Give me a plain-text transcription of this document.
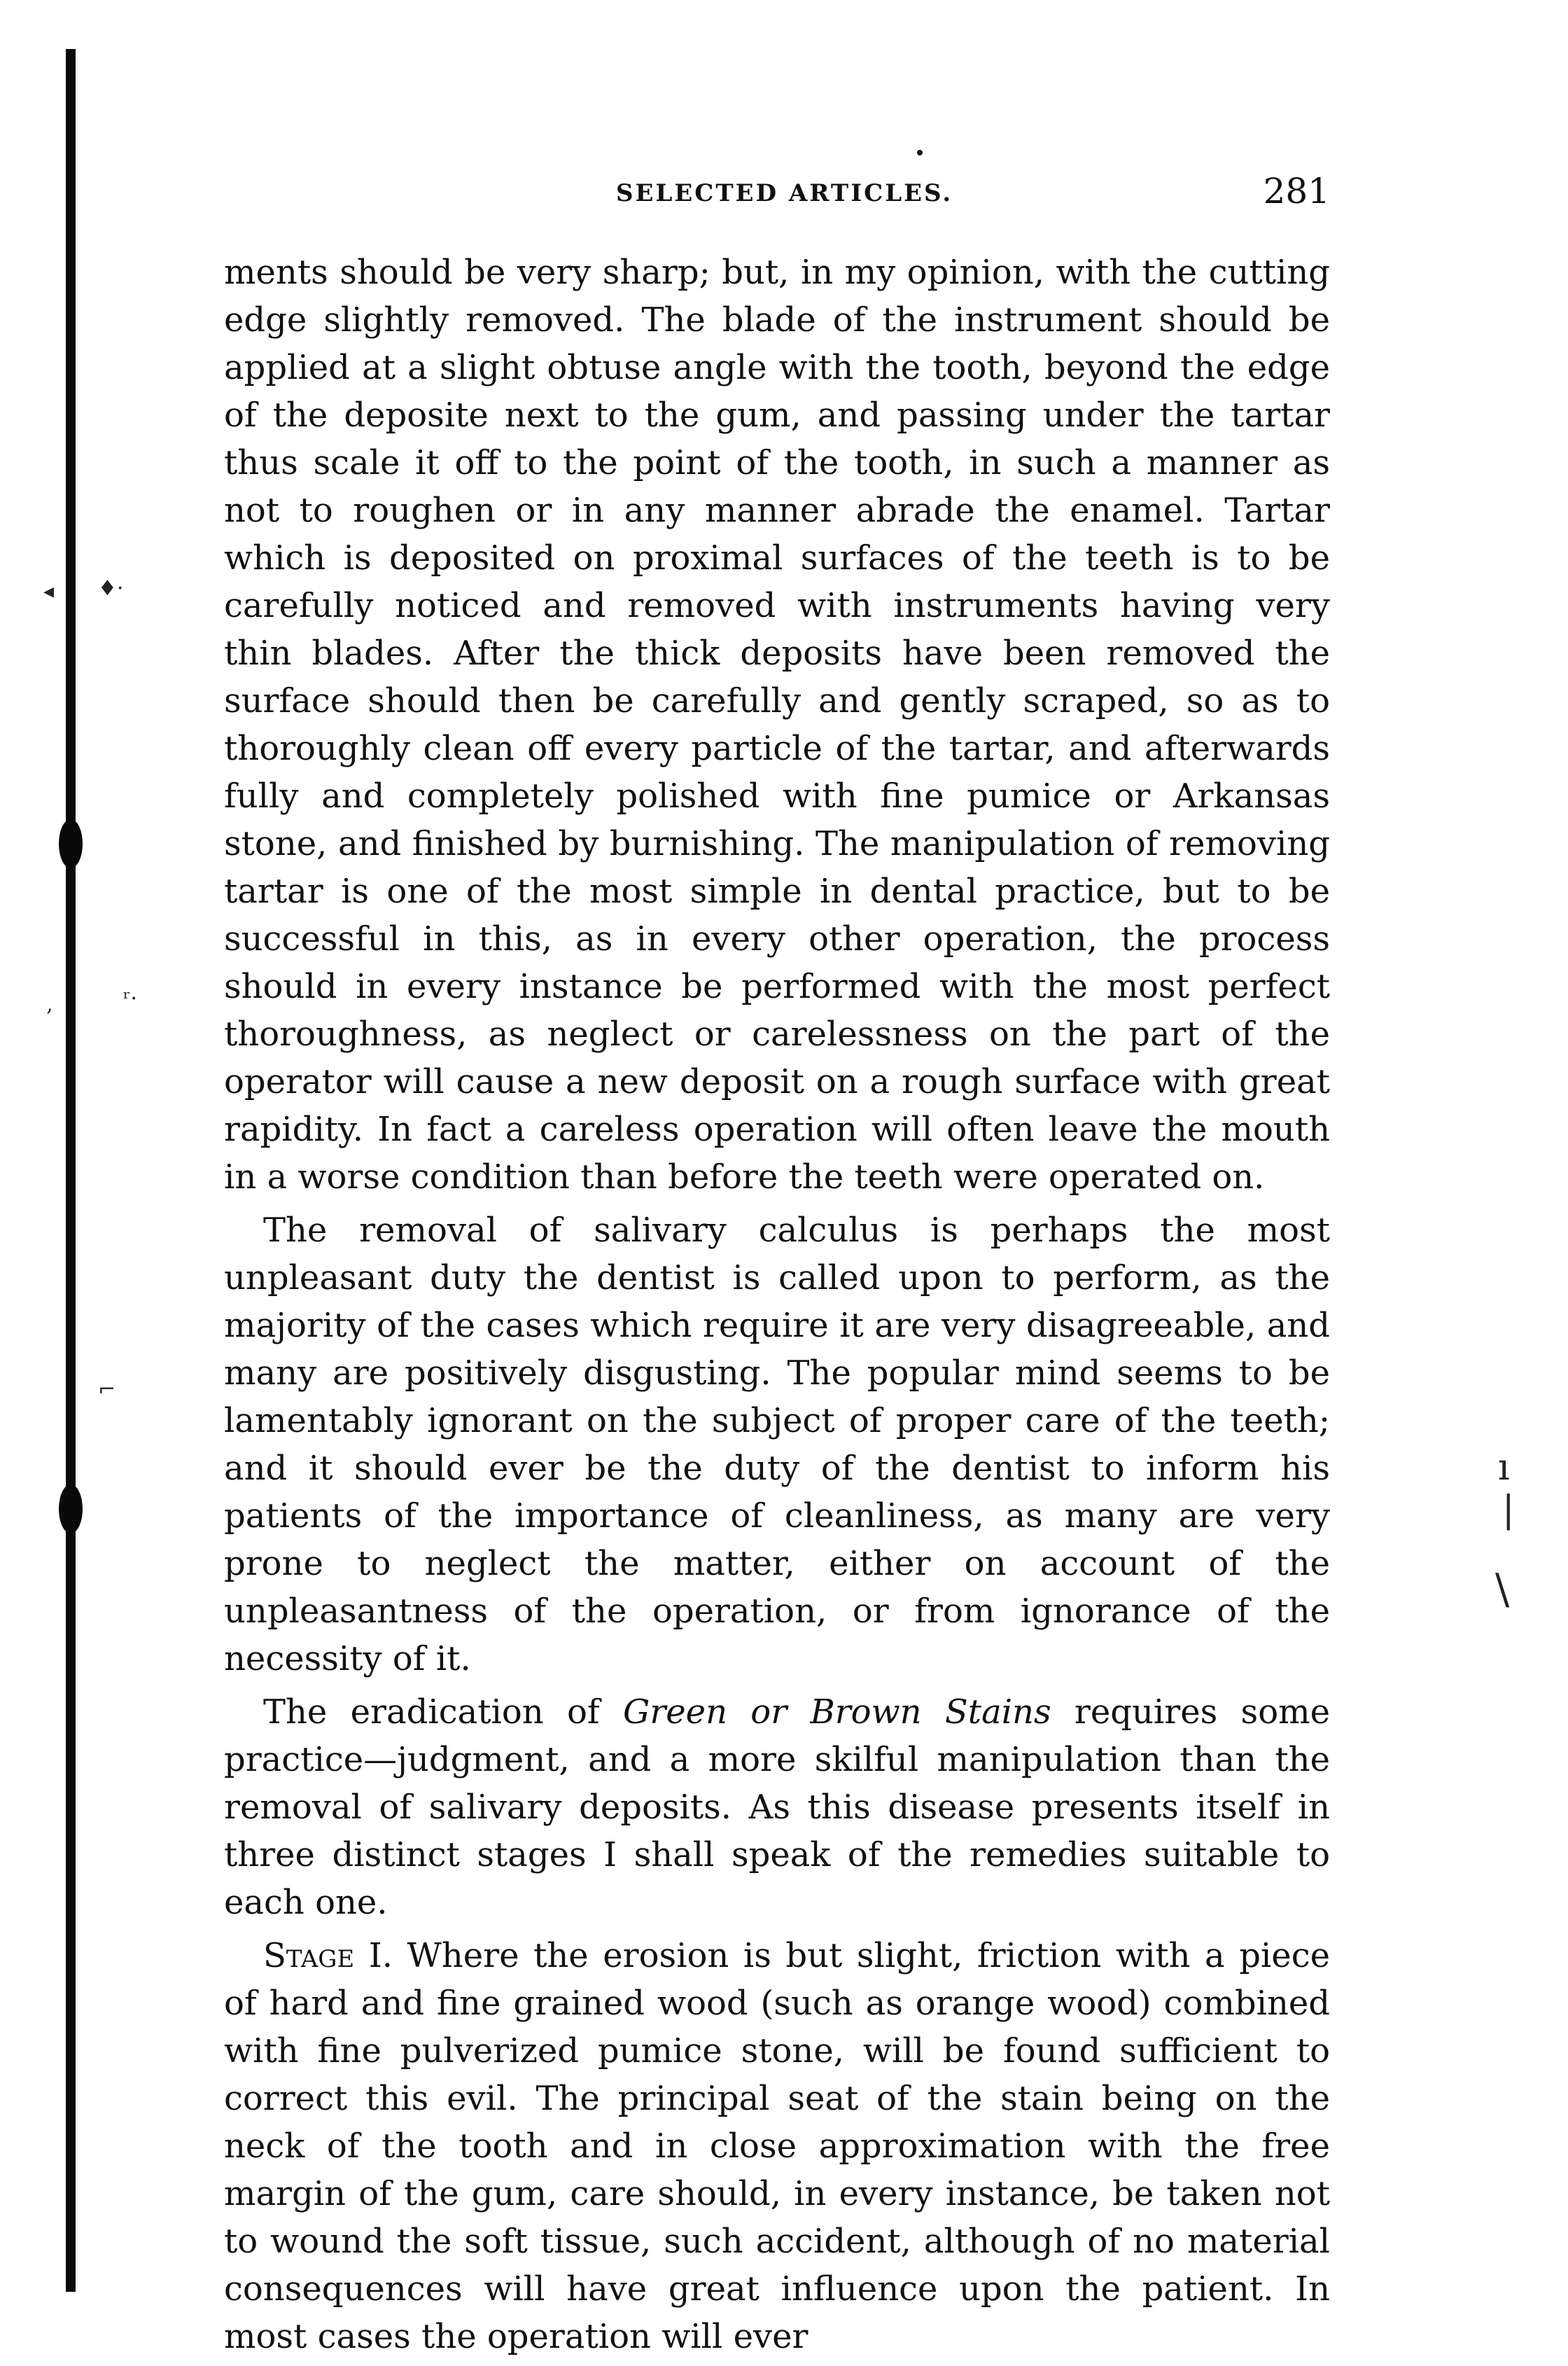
◂ ♦·
‚	ʳ·
⌐
ı
|
\
SELECTED ARTICLES.	281

ments should be very sharp; but, in my opinion, with the cutting edge slightly removed. The blade of the instrument should be applied at a slight obtuse angle with the tooth, beyond the edge of the deposite next to the gum, and passing under the tartar thus scale it off to the point of the tooth, in such a manner as not to roughen or in any manner abrade the enamel. Tartar which is deposited on proximal surfaces of the teeth is to be carefully noticed and removed with instruments having very thin blades. After the thick deposits have been removed the surface should then be carefully and gently scraped, so as to thoroughly clean off every particle of the tartar, and afterwards fully and completely polished with fine pumice or Arkansas stone, and finished by burnishing. The manipulation of removing tartar is one of the most simple in dental practice, but to be successful in this, as in every other operation, the process should in every instance be performed with the most perfect thoroughness, as neglect or carelessness on the part of the operator will cause a new deposit on a rough surface with great rapidity. In fact a careless operation will often leave the mouth in a worse condition than before the teeth were operated on.

The removal of salivary calculus is perhaps the most unpleasant duty the dentist is called upon to perform, as the majority of the cases which require it are very disagreeable, and many are positively disgusting. The popular mind seems to be lamentably ignorant on the subject of proper care of the teeth; and it should ever be the duty of the dentist to inform his patients of the importance of cleanliness, as many are very prone to neglect the matter, either on account of the unpleasantness of the operation, or from ignorance of the necessity of it.

The eradication of Green or Brown Stains requires some practice—judgment, and a more skilful manipulation than the removal of salivary deposits. As this disease presents itself in three distinct stages I shall speak of the remedies suitable to each one.

Stage I. Where the erosion is but slight, friction with a piece of hard and fine grained wood (such as orange wood) combined with fine pulverized pumice stone, will be found sufficient to correct this evil. The principal seat of the stain being on the neck of the tooth and in close approximation with the free margin of the gum, care should, in every instance, be taken not to wound the soft tissue, such accident, although of no material consequences will have great influence upon the patient. In most cases the operation will ever
